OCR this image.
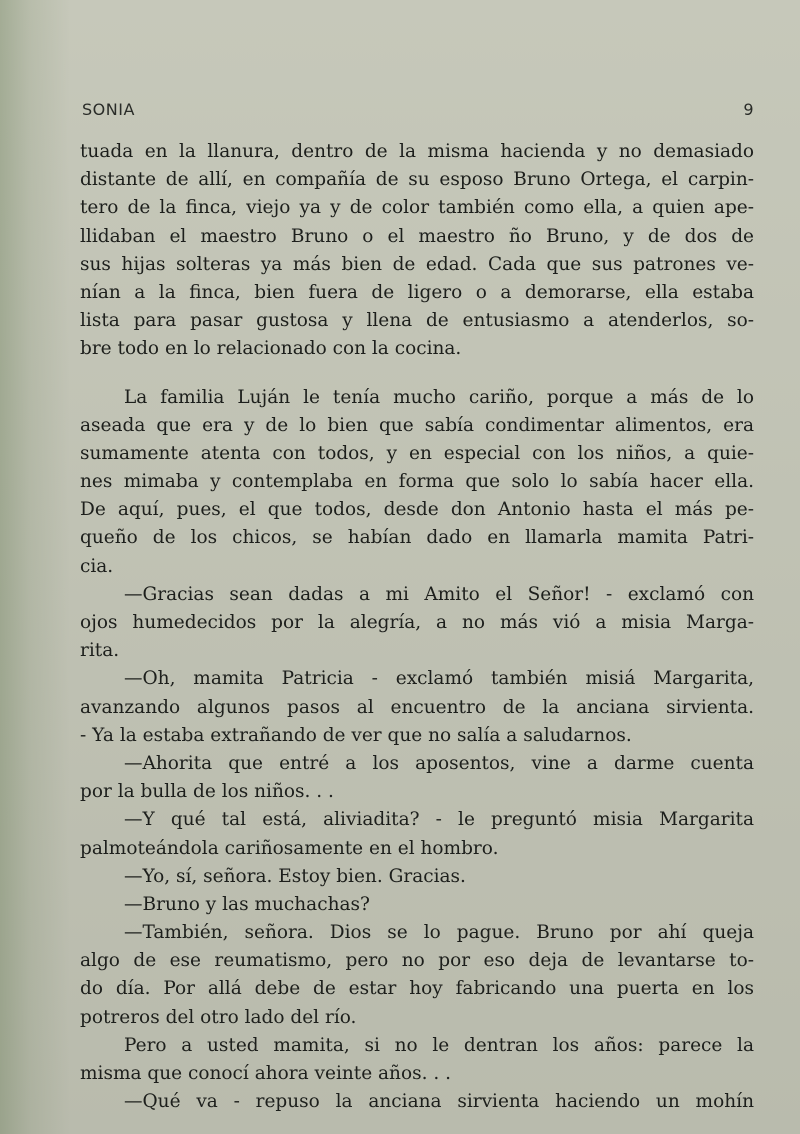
SONIA	9
tuada en la llanura, dentro de la misma hacienda y no demasiado
distante de allí, en compañía de su esposo Bruno Ortega, el carpin-
tero de la finca, viejo ya y de color también como ella, a quien ape-
llidaban el maestro Bruno o el maestro ño Bruno, y de dos de
sus hijas solteras ya más bien de edad. Cada que sus patrones ve-
nían a la finca, bien fuera de ligero o a demorarse, ella estaba
lista para pasar gustosa y llena de entusiasmo a atenderlos, so-
bre todo en lo relacionado con la cocina.
La familia Luján le tenía mucho cariño, porque a más de lo
aseada que era y de lo bien que sabía condimentar alimentos, era
sumamente atenta con todos, y en especial con los niños, a quie-
nes mimaba y contemplaba en forma que solo lo sabía hacer ella.
De aquí, pues, el que todos, desde don Antonio hasta el más pe-
queño de los chicos, se habían dado en llamarla mamita Patri-
cia.
—Gracias sean dadas a mi Amito el Señor! - exclamó con
ojos humedecidos por la alegría, a no más vió a misia Marga-
rita.
—Oh, mamita Patricia - exclamó también misiá Margarita,
avanzando algunos pasos al encuentro de la anciana sirvienta.
- Ya la estaba extrañando de ver que no salía a saludarnos.
—Ahorita que entré a los aposentos, vine a darme cuenta
por la bulla de los niños. . .
—Y qué tal está, aliviadita? - le preguntó misia Margarita
palmoteándola cariñosamente en el hombro.
—Yo, sí, señora. Estoy bien. Gracias.
—Bruno y las muchachas?
—También, señora. Dios se lo pague. Bruno por ahí queja
algo de ese reumatismo, pero no por eso deja de levantarse to-
do día. Por allá debe de estar hoy fabricando una puerta en los
potreros del otro lado del río.
Pero a usted mamita, si no le dentran los años: parece la
misma que conocí ahora veinte años. . .
—Qué va - repuso la anciana sirvienta haciendo un mohín
